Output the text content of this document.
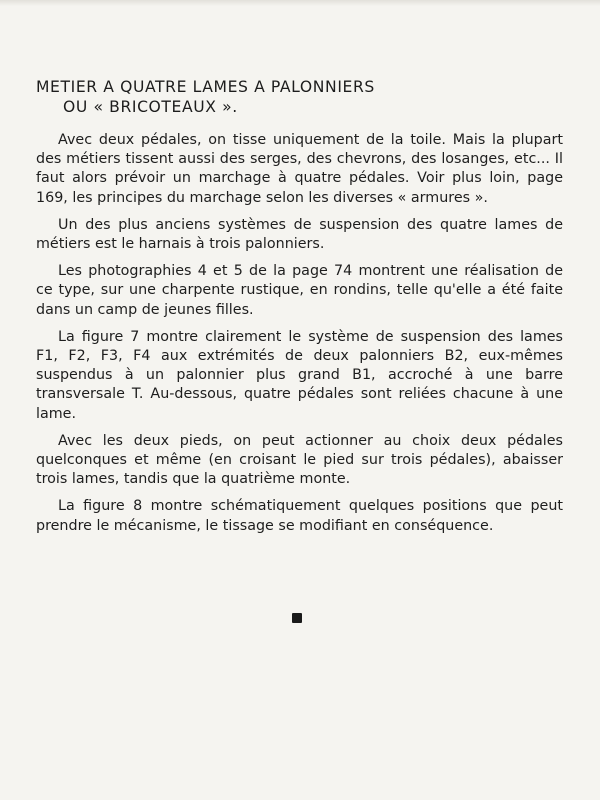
METIER A QUATRE LAMES A PALONNIERS
OU « BRICOTEAUX ».

Avec deux pédales, on tisse uniquement de la toile. Mais la plupart des métiers tissent aussi des serges, des chevrons, des losanges, etc... Il faut alors prévoir un marchage à quatre pédales. Voir plus loin, page 169, les principes du marchage selon les diverses « armures ».

Un des plus anciens systèmes de suspension des quatre lames de métiers est le harnais à trois palonniers.

Les photographies 4 et 5 de la page 74 montrent une réalisation de ce type, sur une charpente rustique, en rondins, telle qu'elle a été faite dans un camp de jeunes filles.

La figure 7 montre clairement le système de suspension des lames F1, F2, F3, F4 aux extrémités de deux palonniers B2, eux-mêmes suspendus à un palonnier plus grand B1, accroché à une barre transversale T. Au-dessous, quatre pédales sont reliées chacune à une lame.

Avec les deux pieds, on peut actionner au choix deux pédales quelconques et même (en croisant le pied sur trois pédales), abaisser trois lames, tandis que la quatrième monte.

La figure 8 montre schématiquement quelques positions que peut prendre le mécanisme, le tissage se modifiant en conséquence.
